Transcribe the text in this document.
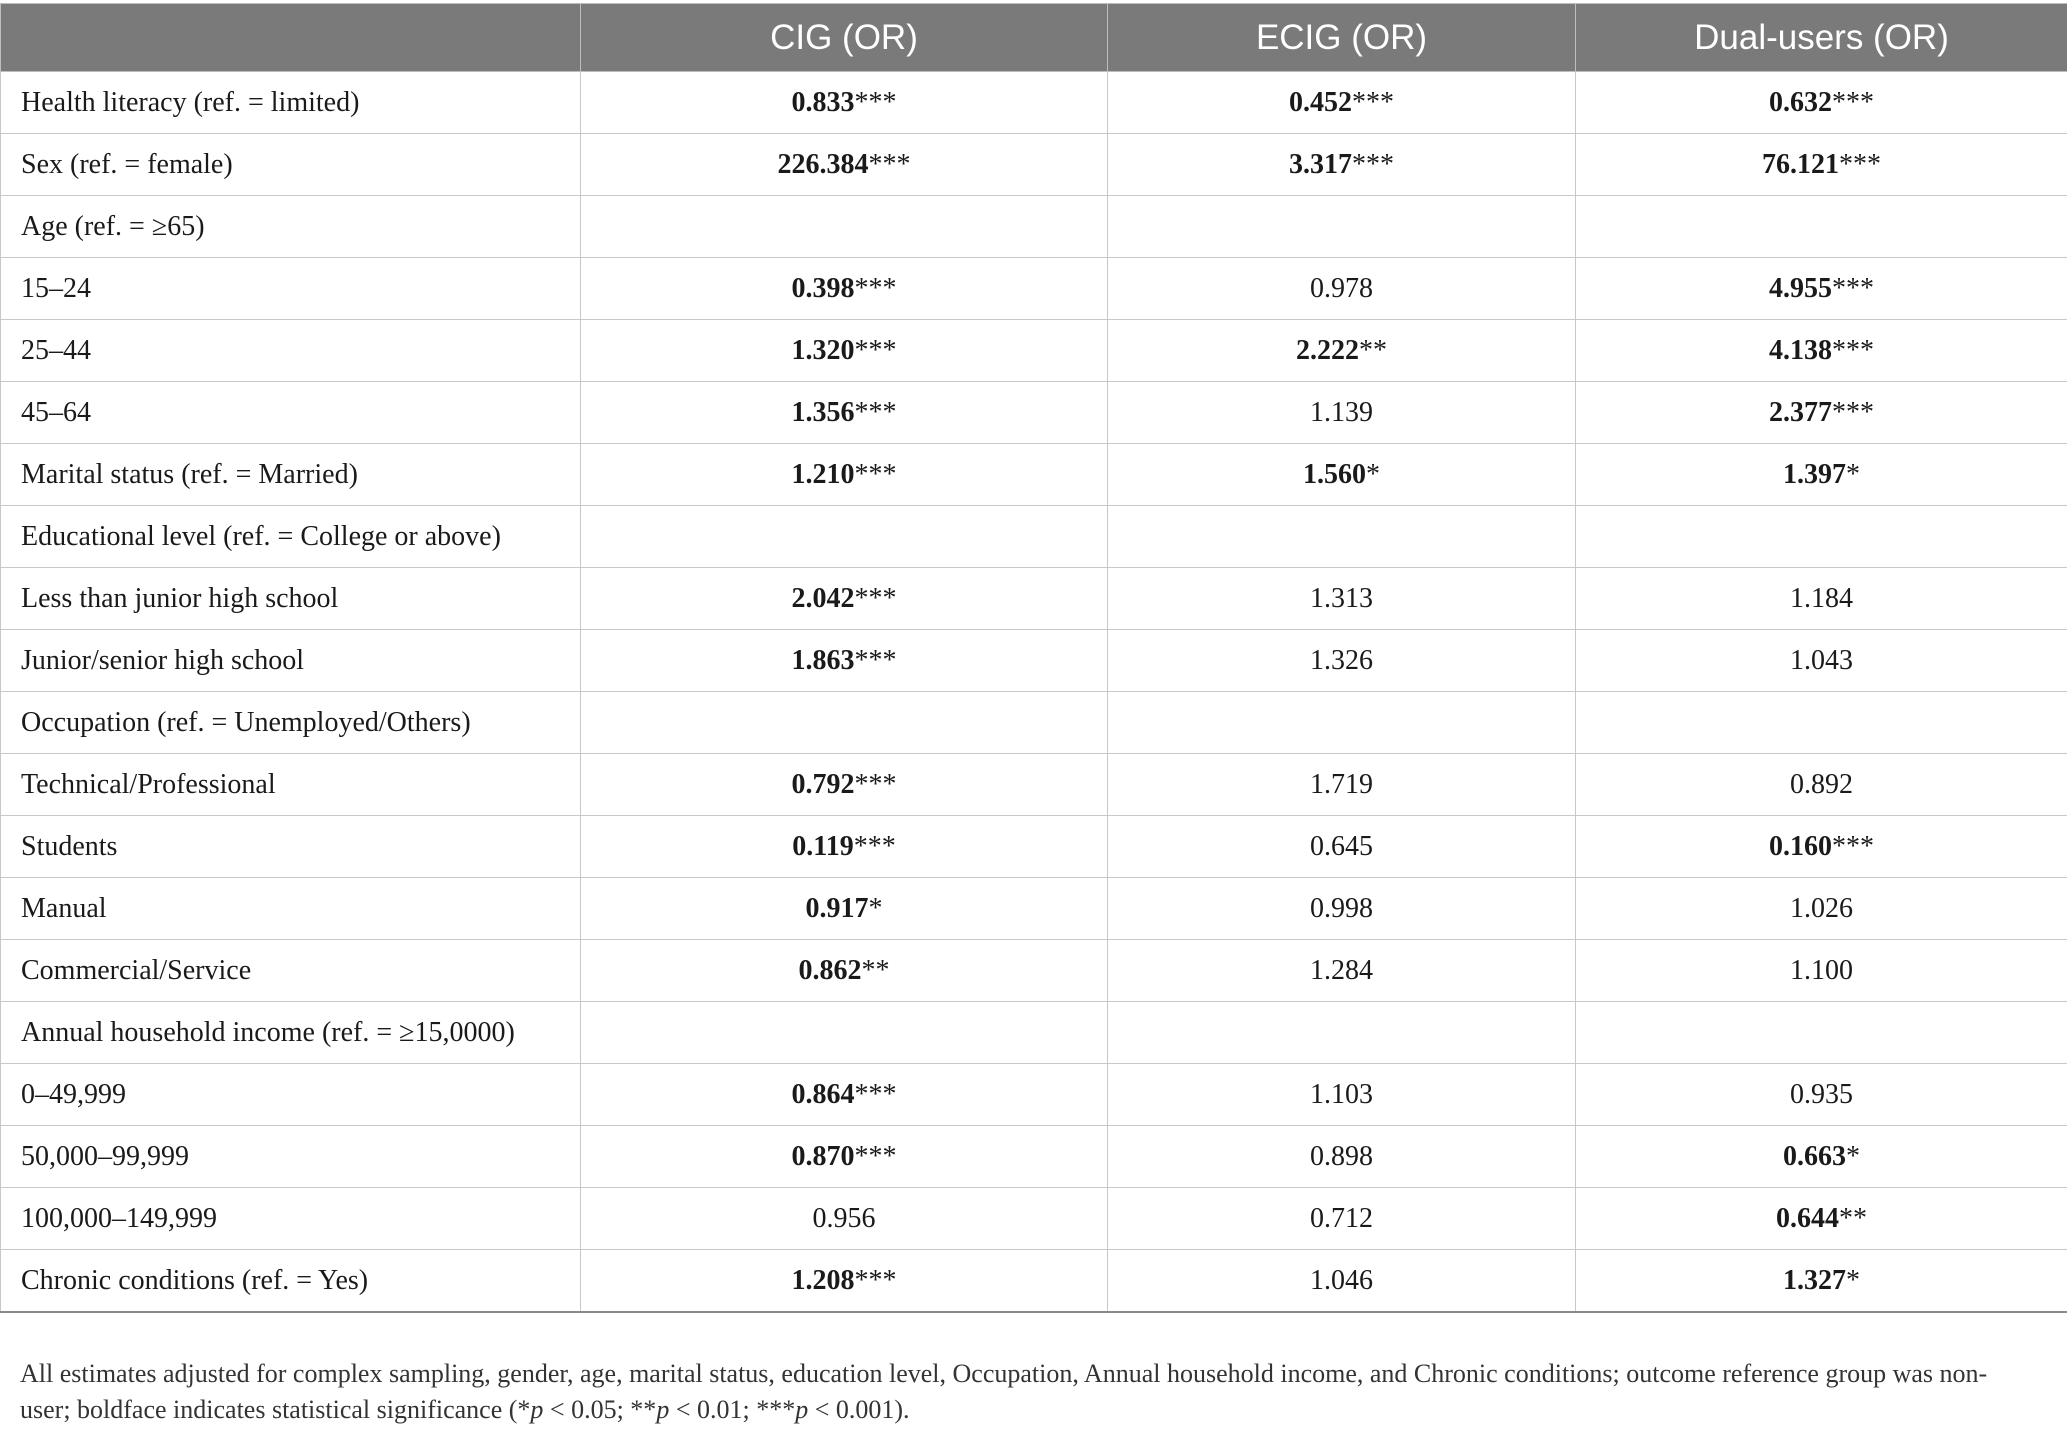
	CIG (OR)	ECIG (OR)	Dual-users (OR)
Health literacy (ref. = limited)	0.833***	0.452***	0.632***
Sex (ref. = female)	226.384***	3.317***	76.121***
Age (ref. = ≥65)			
15–24	0.398***	0.978	4.955***
25–44	1.320***	2.222**	4.138***
45–64	1.356***	1.139	2.377***
Marital status (ref. = Married)	1.210***	1.560*	1.397*
Educational level (ref. = College or above)			
Less than junior high school	2.042***	1.313	1.184
Junior/senior high school	1.863***	1.326	1.043
Occupation (ref. = Unemployed/Others)			
Technical/Professional	0.792***	1.719	0.892
Students	0.119***	0.645	0.160***
Manual	0.917*	0.998	1.026
Commercial/Service	0.862**	1.284	1.100
Annual household income (ref. = ≥15,0000)			
0–49,999	0.864***	1.103	0.935
50,000–99,999	0.870***	0.898	0.663*
100,000–149,999	0.956	0.712	0.644**
Chronic conditions (ref. = Yes)	1.208***	1.046	1.327*
All estimates adjusted for complex sampling, gender, age, marital status, education level, Occupation, Annual household income, and Chronic conditions; outcome reference group was non-
user; boldface indicates statistical significance (*p < 0.05; **p < 0.01; ***p < 0.001).
